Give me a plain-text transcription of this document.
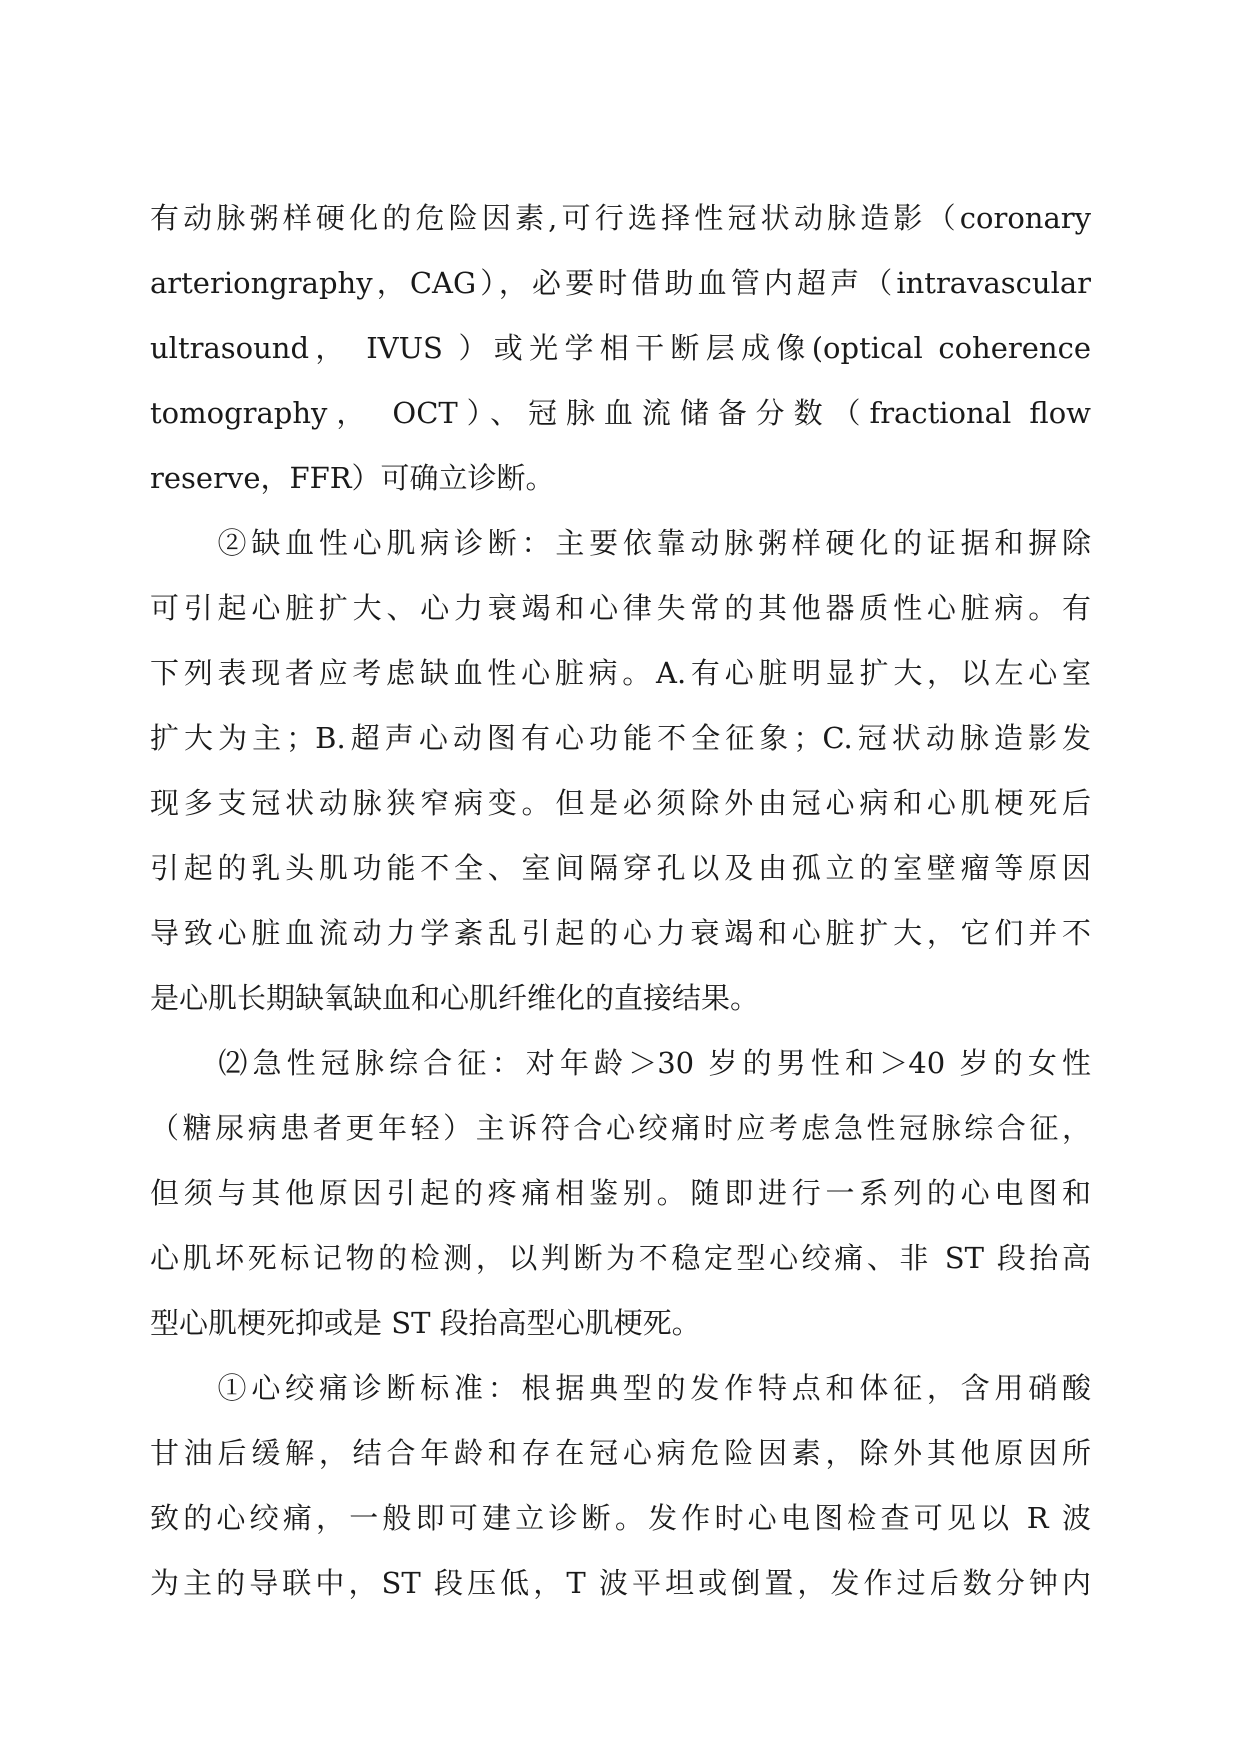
有动脉粥样硬化的危险因素,可行选择性冠状动脉造影（coronary
arteriongraphy，CAG），必要时借助血管内超声（intravascular
ultrasound， IVUS ）或光学相干断层成像(optical coherence
tomography， OCT）、冠脉血流储备分数（fractional flow
reserve，FFR）可确立诊断。
　　②缺血性心肌病诊断：主要依靠动脉粥样硬化的证据和摒除
可引起心脏扩大、心力衰竭和心律失常的其他器质性心脏病。有
下列表现者应考虑缺血性心脏病。A.有心脏明显扩大，以左心室
扩大为主；B.超声心动图有心功能不全征象；C.冠状动脉造影发
现多支冠状动脉狭窄病变。但是必须除外由冠心病和心肌梗死后
引起的乳头肌功能不全、室间隔穿孔以及由孤立的室壁瘤等原因
导致心脏血流动力学紊乱引起的心力衰竭和心脏扩大，它们并不
是心肌长期缺氧缺血和心肌纤维化的直接结果。
　　⑵急性冠脉综合征：对年龄＞30 岁的男性和＞40 岁的女性
（糖尿病患者更年轻）主诉符合心绞痛时应考虑急性冠脉综合征，
但须与其他原因引起的疼痛相鉴别。随即进行一系列的心电图和
心肌坏死标记物的检测，以判断为不稳定型心绞痛、非 ST 段抬高
型心肌梗死抑或是 ST 段抬高型心肌梗死。
　　①心绞痛诊断标准：根据典型的发作特点和体征，含用硝酸
甘油后缓解，结合年龄和存在冠心病危险因素，除外其他原因所
致的心绞痛，一般即可建立诊断。发作时心电图检查可见以 R 波
为主的导联中，ST 段压低，T 波平坦或倒置，发作过后数分钟内
